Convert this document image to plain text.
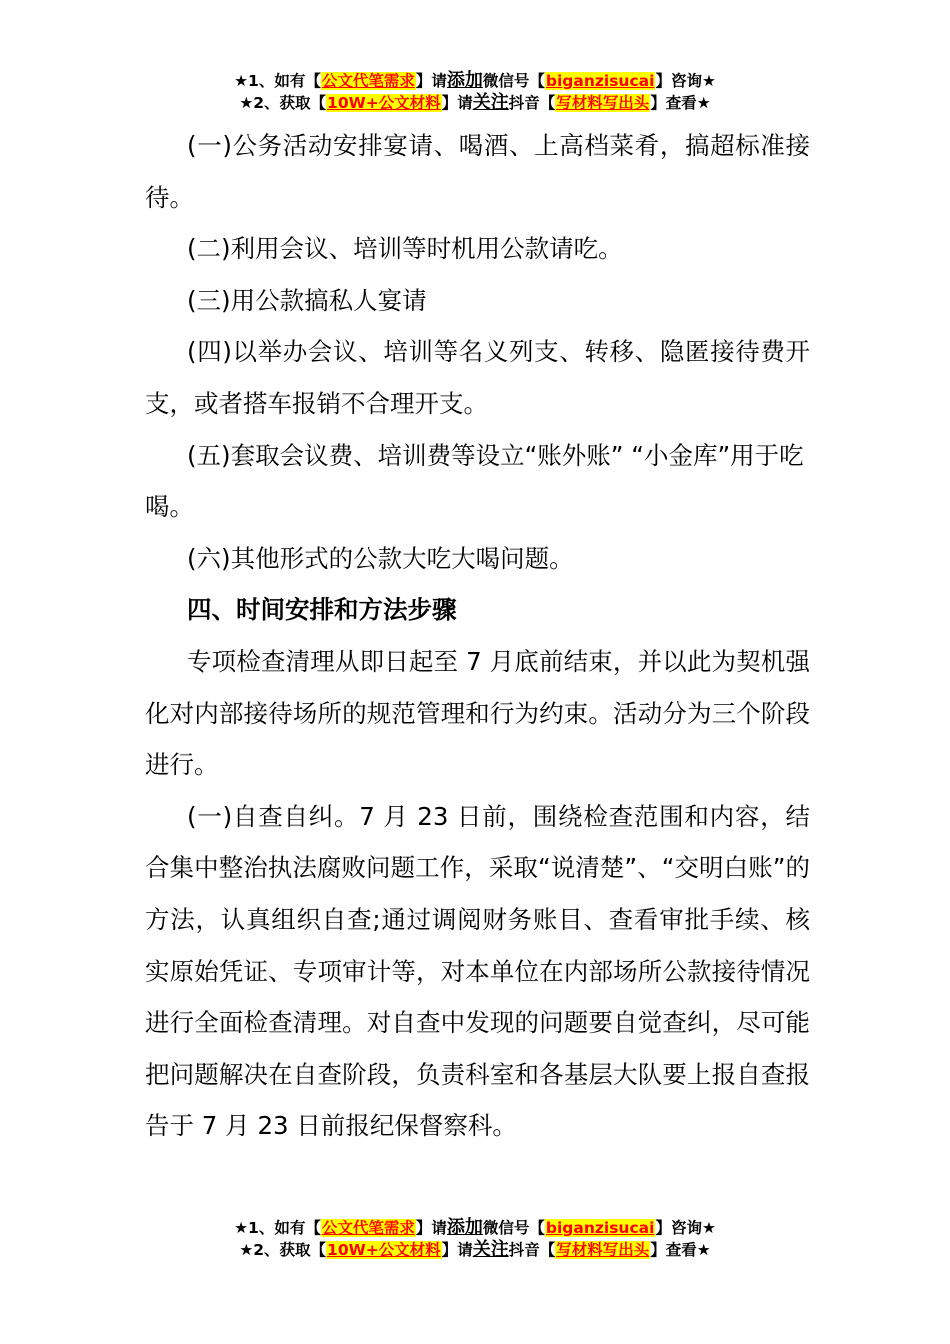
★1、如有【公文代笔需求】请添加微信号【biganzisucai】咨询★
★2、获取【10W+公文材料】请关注抖音【写材料写出头】查看★

(一)公务活动安排宴请、喝酒、上高档菜肴，搞超标准接待。

(二)利用会议、培训等时机用公款请吃。

(三)用公款搞私人宴请

(四)以举办会议、培训等名义列支、转移、隐匿接待费开支，或者搭车报销不合理开支。

(五)套取会议费、培训费等设立“账外账” “小金库”用于吃喝。

(六)其他形式的公款大吃大喝问题。

四、时间安排和方法步骤

专项检查清理从即日起至 7 月底前结束，并以此为契机强化对内部接待场所的规范管理和行为约束。活动分为三个阶段进行。

(一)自查自纠。7 月 23 日前，围绕检查范围和内容，结合集中整治执法腐败问题工作，采取“说清楚”、“交明白账”的方法，认真组织自查;通过调阅财务账目、查看审批手续、核实原始凭证、专项审计等，对本单位在内部场所公款接待情况进行全面检查清理。对自查中发现的问题要自觉查纠，尽可能把问题解决在自查阶段，负责科室和各基层大队要上报自查报告于 7 月 23 日前报纪保督察科。

★1、如有【公文代笔需求】请添加微信号【biganzisucai】咨询★
★2、获取【10W+公文材料】请关注抖音【写材料写出头】查看★
